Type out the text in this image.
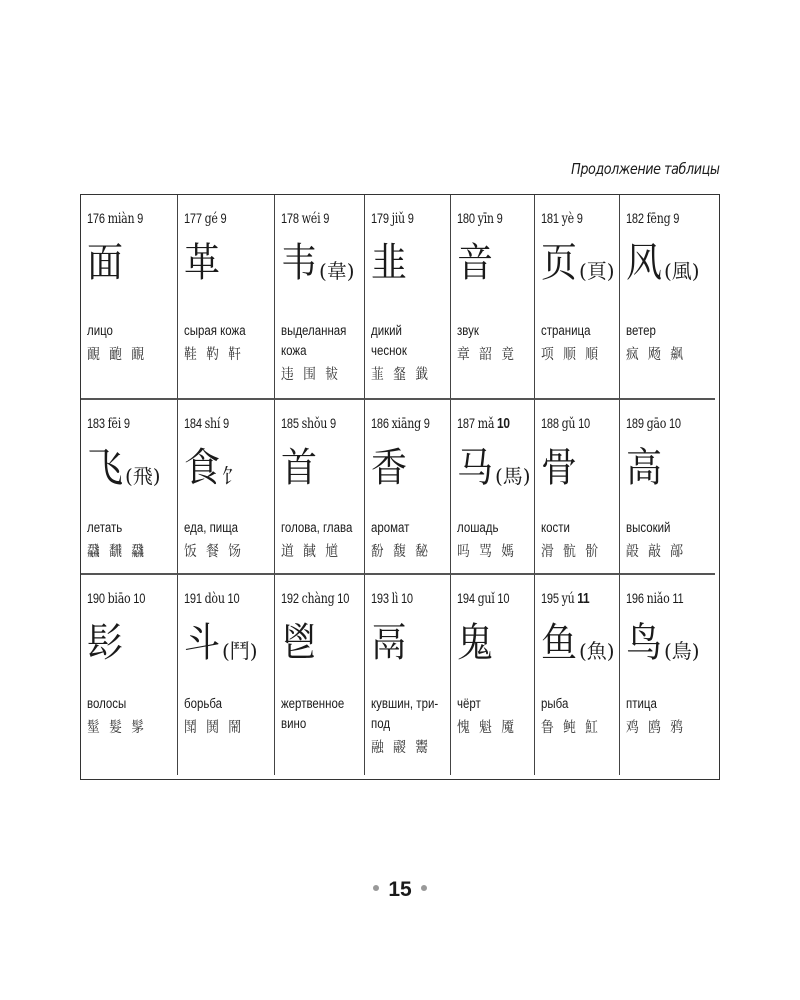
Продолжение таблицы
176 miàn 9
面
лицо
靦 靤 靦
177 gé 9
革
сырая кожа
鞋 靮 靬
178 wéi 9
韦 (韋)
выделанная
кожа
违 围 韨
179 jiǔ 9
韭
дикий
чеснок
韮 韰 韱
180 yīn 9
音
звук
章 韶 竟
181 yè 9
页 (頁)
страница
项 顺 順
182 fēng 9
风 (風)
ветер
疯 飏 飙
183 fēi 9
飞 (飛)
летать
飝 飜 飝
184 shí 9
食 饣
еда, пища
饭 餐 饧
185 shǒu 9
首
голова, глава
道 馘 馗
186 xiāng 9
香
аромат
馚 馥 馝
187 mǎ 10
马 (馬)
лошадь
吗 骂 媽
188 gǔ 10
骨
кости
滑 骯 骱
189 gāo 10
高
высокий
毃 敲 鄗
190 biāo 10
髟
волосы
髽 髮 髳
191 dòu 10
斗 (鬥)
борьба
鬦 鬨 鬧
192 chàng 10
鬯
жертвенное
вино
193 lì 10
鬲
кувшин, три-
под
融 鬷 鬻
194 guǐ 10
鬼
чёрт
愧 魁 魇
195 yú 11
鱼 (魚)
рыба
鲁 鲀 魟
196 niǎo 11
鸟 (鳥)
птица
鸡 鸥 鸦
15
